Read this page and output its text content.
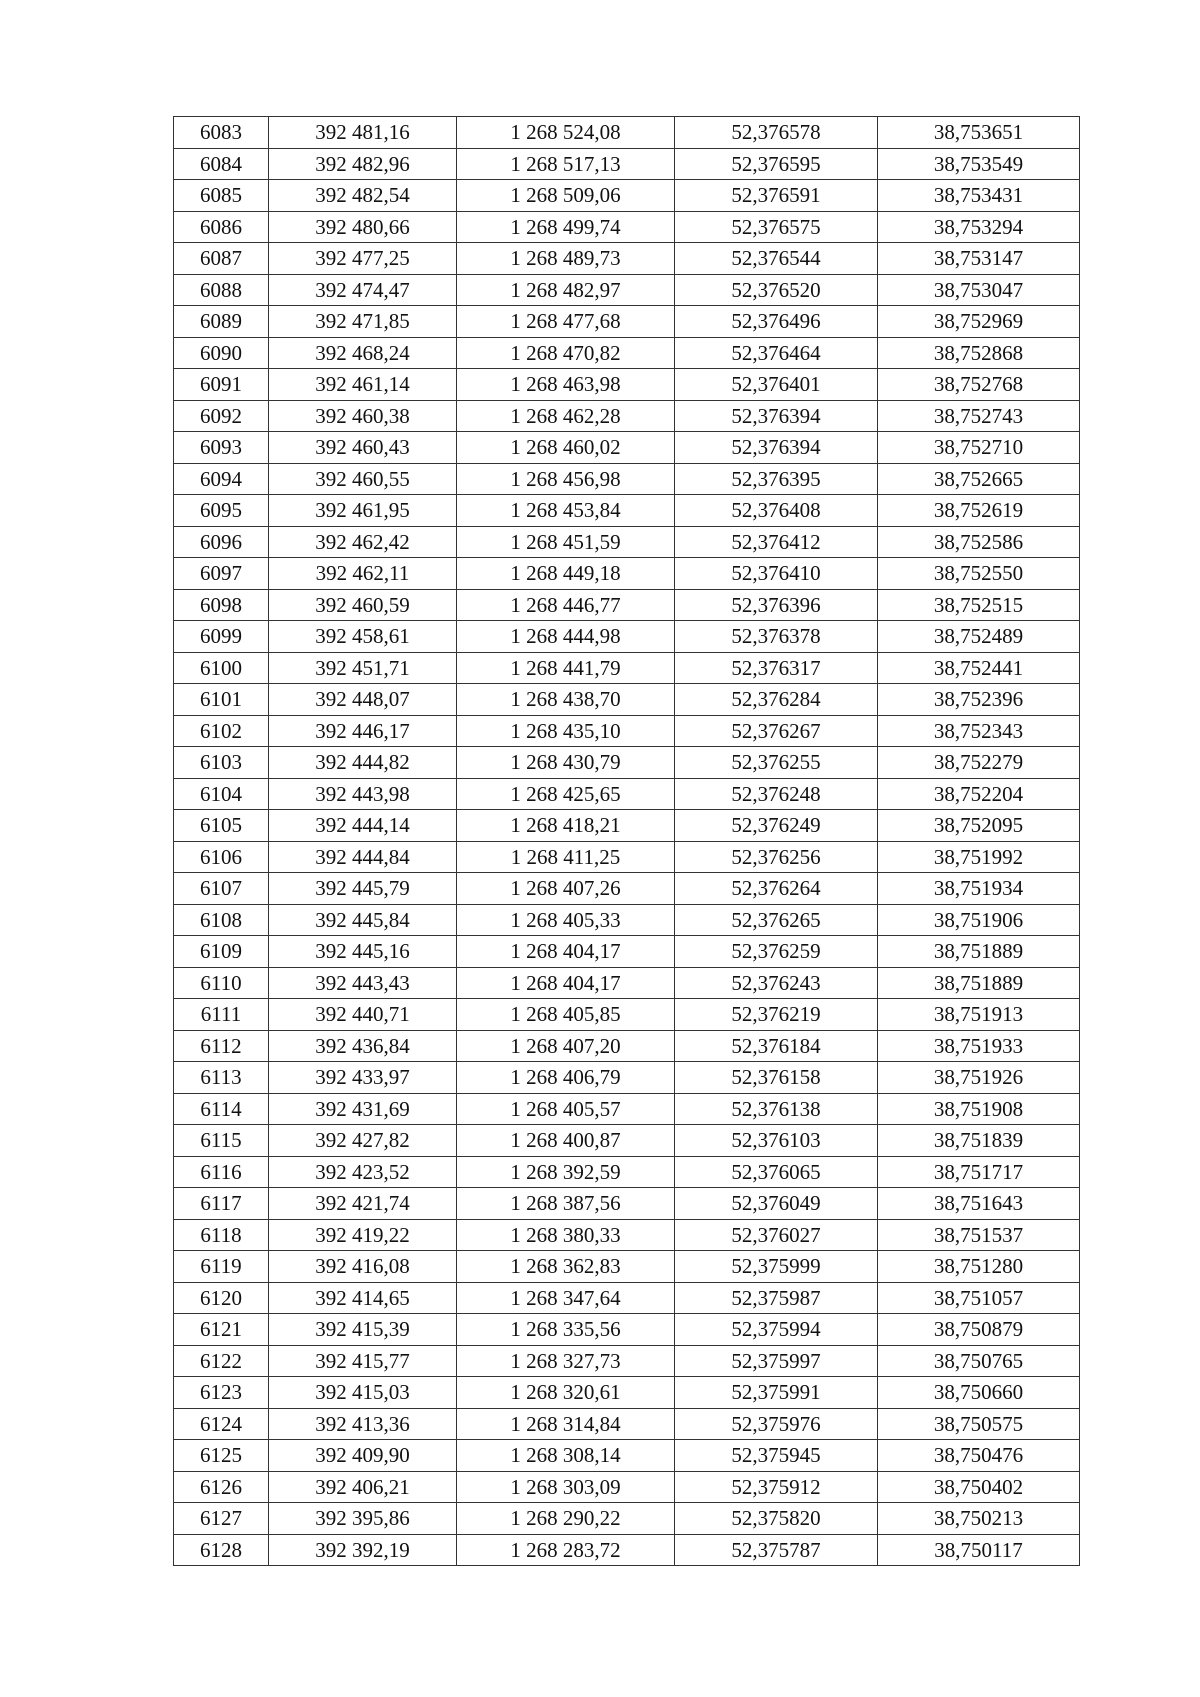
6083	392 481,16	1 268 524,08	52,376578	38,753651
6084	392 482,96	1 268 517,13	52,376595	38,753549
6085	392 482,54	1 268 509,06	52,376591	38,753431
6086	392 480,66	1 268 499,74	52,376575	38,753294
6087	392 477,25	1 268 489,73	52,376544	38,753147
6088	392 474,47	1 268 482,97	52,376520	38,753047
6089	392 471,85	1 268 477,68	52,376496	38,752969
6090	392 468,24	1 268 470,82	52,376464	38,752868
6091	392 461,14	1 268 463,98	52,376401	38,752768
6092	392 460,38	1 268 462,28	52,376394	38,752743
6093	392 460,43	1 268 460,02	52,376394	38,752710
6094	392 460,55	1 268 456,98	52,376395	38,752665
6095	392 461,95	1 268 453,84	52,376408	38,752619
6096	392 462,42	1 268 451,59	52,376412	38,752586
6097	392 462,11	1 268 449,18	52,376410	38,752550
6098	392 460,59	1 268 446,77	52,376396	38,752515
6099	392 458,61	1 268 444,98	52,376378	38,752489
6100	392 451,71	1 268 441,79	52,376317	38,752441
6101	392 448,07	1 268 438,70	52,376284	38,752396
6102	392 446,17	1 268 435,10	52,376267	38,752343
6103	392 444,82	1 268 430,79	52,376255	38,752279
6104	392 443,98	1 268 425,65	52,376248	38,752204
6105	392 444,14	1 268 418,21	52,376249	38,752095
6106	392 444,84	1 268 411,25	52,376256	38,751992
6107	392 445,79	1 268 407,26	52,376264	38,751934
6108	392 445,84	1 268 405,33	52,376265	38,751906
6109	392 445,16	1 268 404,17	52,376259	38,751889
6110	392 443,43	1 268 404,17	52,376243	38,751889
6111	392 440,71	1 268 405,85	52,376219	38,751913
6112	392 436,84	1 268 407,20	52,376184	38,751933
6113	392 433,97	1 268 406,79	52,376158	38,751926
6114	392 431,69	1 268 405,57	52,376138	38,751908
6115	392 427,82	1 268 400,87	52,376103	38,751839
6116	392 423,52	1 268 392,59	52,376065	38,751717
6117	392 421,74	1 268 387,56	52,376049	38,751643
6118	392 419,22	1 268 380,33	52,376027	38,751537
6119	392 416,08	1 268 362,83	52,375999	38,751280
6120	392 414,65	1 268 347,64	52,375987	38,751057
6121	392 415,39	1 268 335,56	52,375994	38,750879
6122	392 415,77	1 268 327,73	52,375997	38,750765
6123	392 415,03	1 268 320,61	52,375991	38,750660
6124	392 413,36	1 268 314,84	52,375976	38,750575
6125	392 409,90	1 268 308,14	52,375945	38,750476
6126	392 406,21	1 268 303,09	52,375912	38,750402
6127	392 395,86	1 268 290,22	52,375820	38,750213
6128	392 392,19	1 268 283,72	52,375787	38,750117
